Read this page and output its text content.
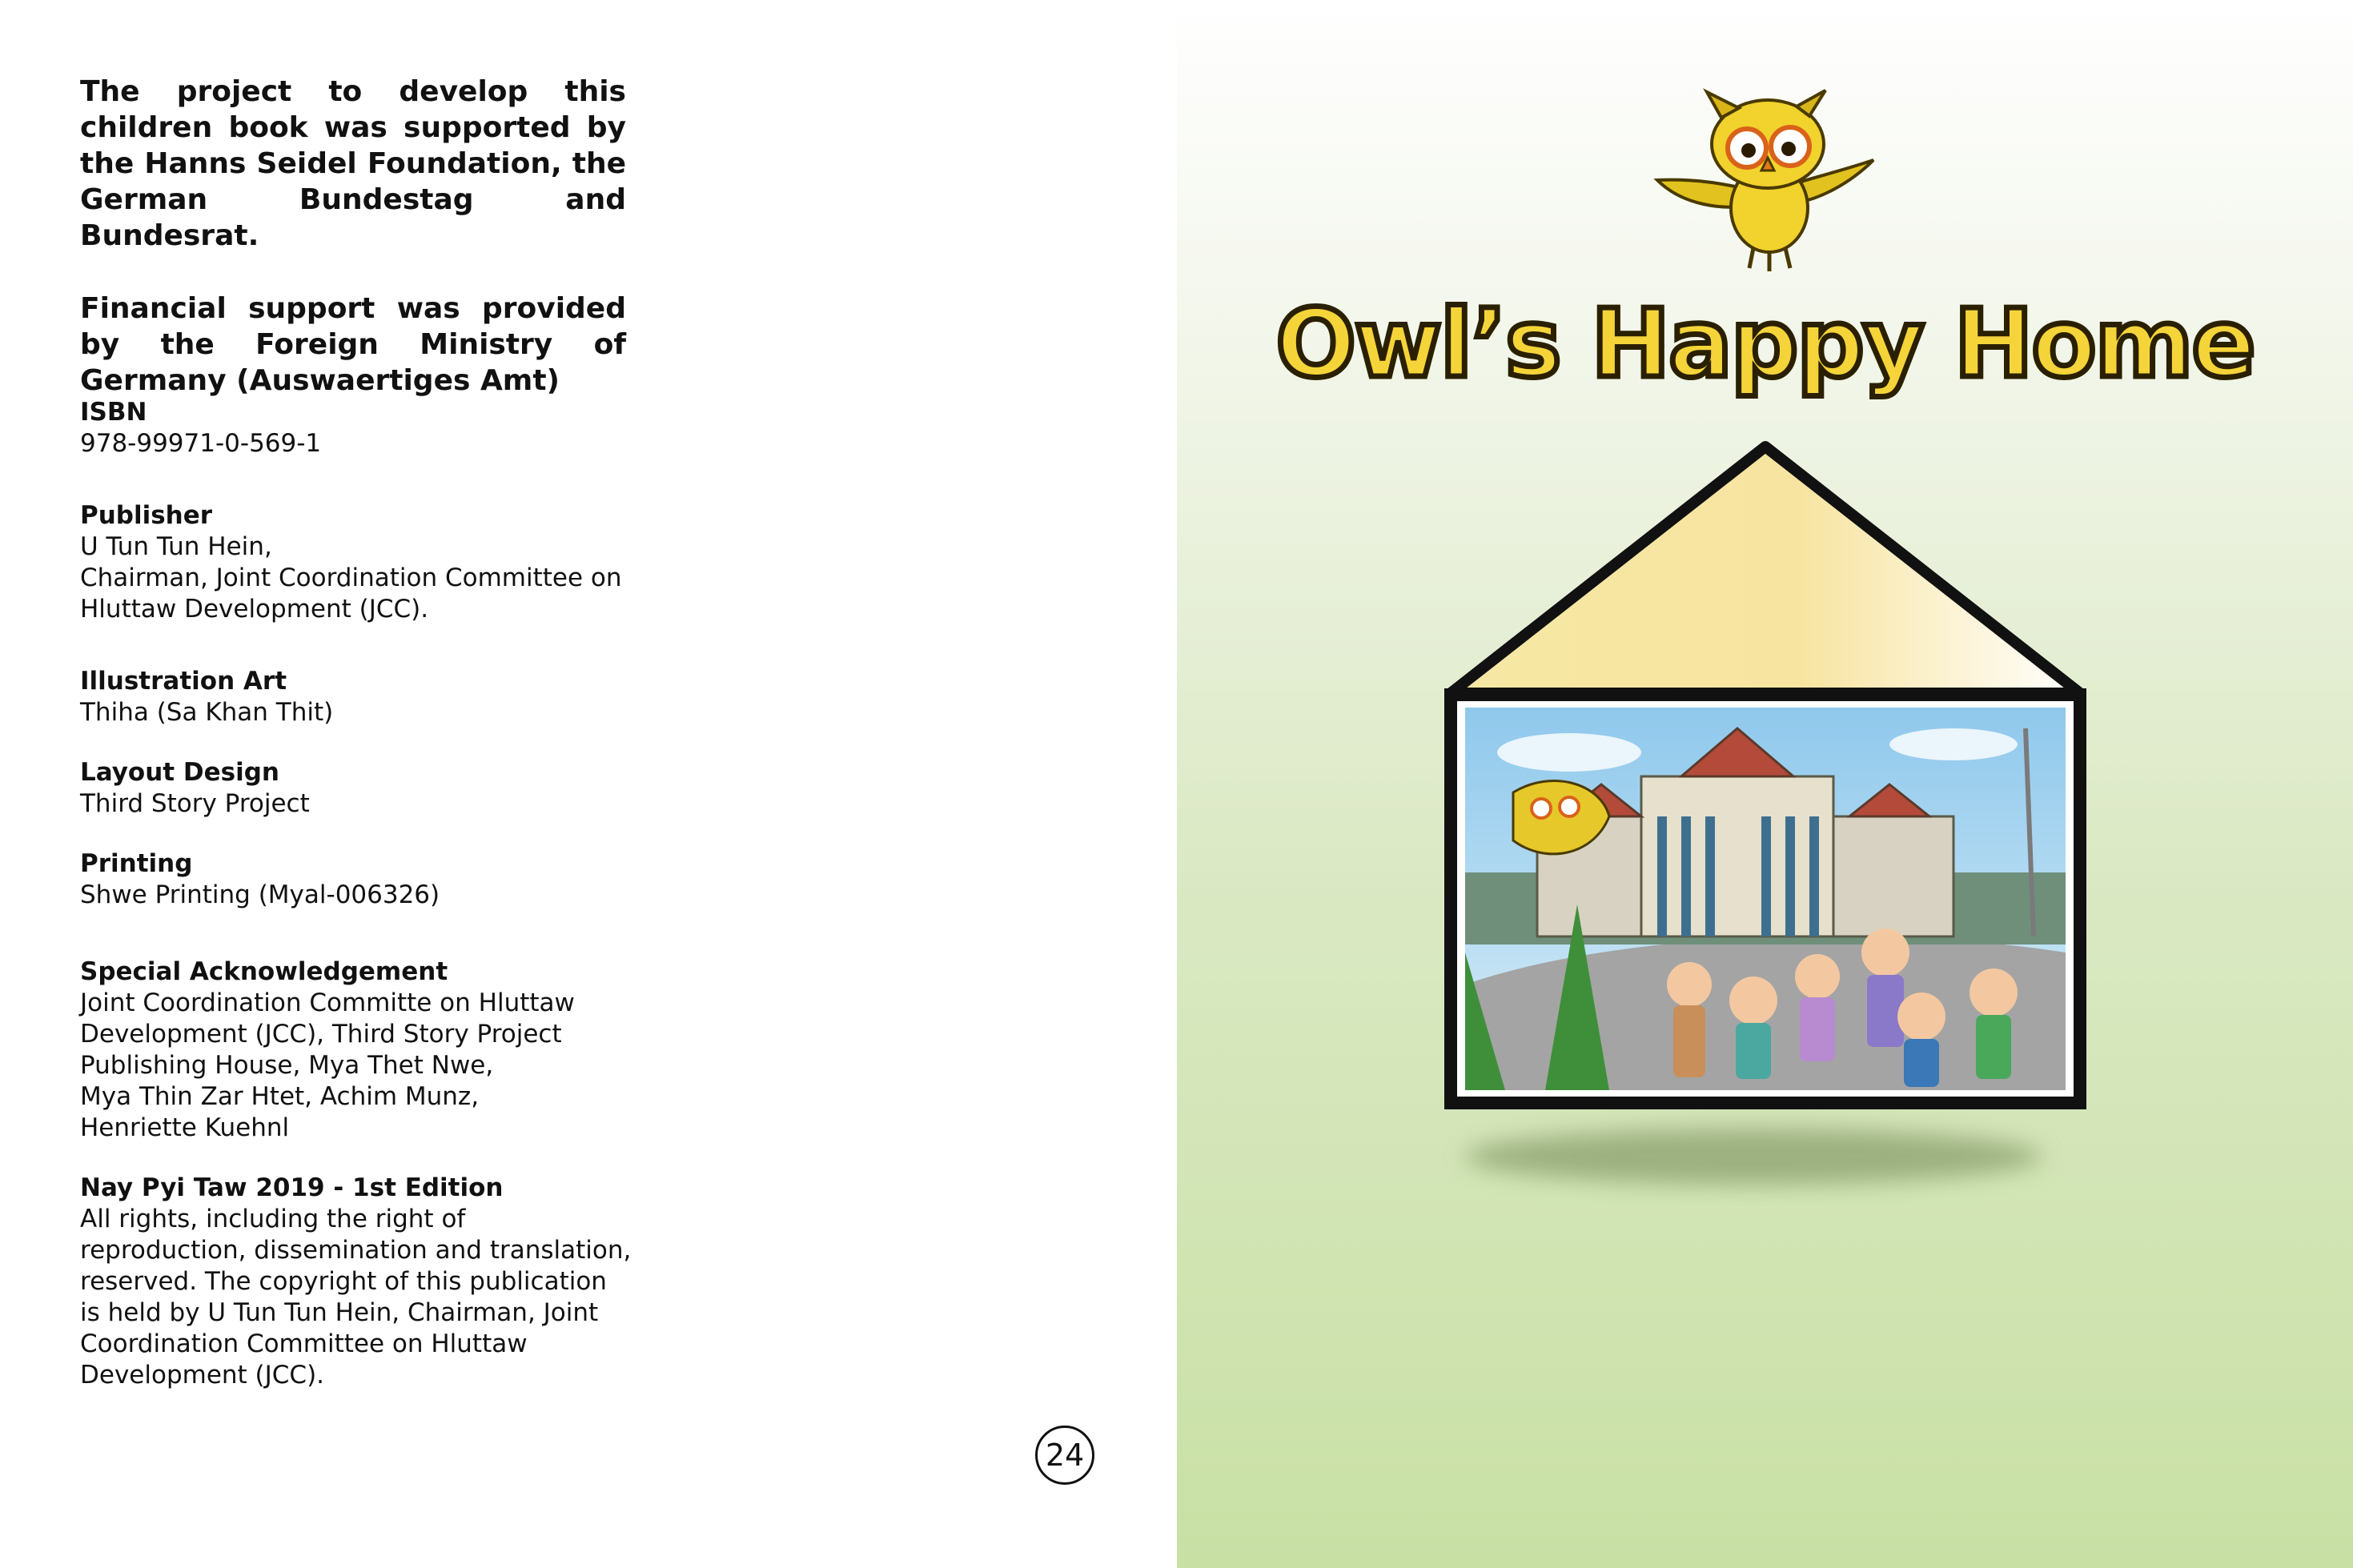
The project to develop this children book was supported by the Hanns Seidel Foundation, the German Bundestag and Bundesrat.

Financial support was provided by the Foreign Ministry of Germany (Auswaertiges Amt)

ISBN
978-99971-0-569-1
Publisher
U Tun Tun Hein,
Chairman, Joint Coordination Committee on
Hluttaw Development (JCC).
Illustration Art
Thiha (Sa Khan Thit)
Layout Design
Third Story Project
Printing
Shwe Printing (Myal-006326)
Special Acknowledgement
Joint Coordination Committe on Hluttaw
Development (JCC), Third Story Project
Publishing House, Mya Thet Nwe,
Mya Thin Zar Htet, Achim Munz,
Henriette Kuehnl
Nay Pyi Taw 2019 - 1st Edition
All rights, including the right of
reproduction, dissemination and translation,
reserved. The copyright of this publication
is held by U Tun Tun Hein, Chairman, Joint
Coordination Committee on Hluttaw
Development (JCC).
24
Owl’s Happy Home
